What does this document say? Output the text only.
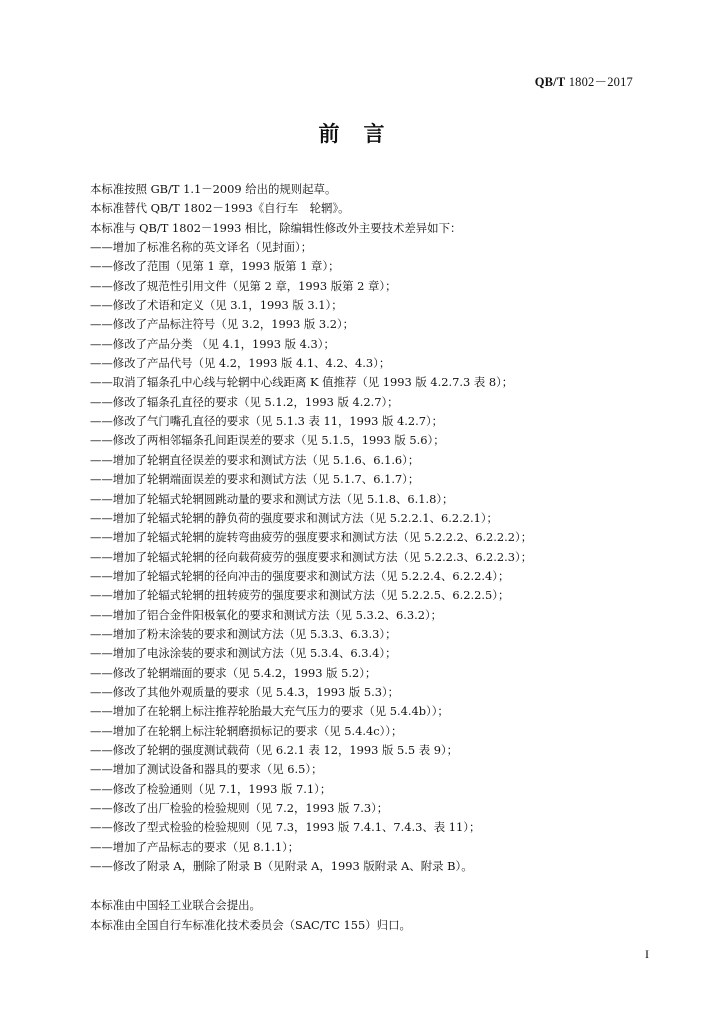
QB/T 1802－2017
前言
本标准按照 GB/T 1.1－2009 给出的规则起草。
本标准替代 QB/T 1802－1993《自行车　轮辋》。
本标准与 QB/T 1802－1993 相比，除编辑性修改外主要技术差异如下：
——增加了标准名称的英文译名（见封面）；
——修改了范围（见第 1 章，1993 版第 1 章）；
——修改了规范性引用文件（见第 2 章，1993 版第 2 章）；
——修改了术语和定义（见 3.1，1993 版 3.1）；
——修改了产品标注符号（见 3.2，1993 版 3.2）；
——修改了产品分类 （见 4.1，1993 版 4.3）；
——修改了产品代号（见 4.2，1993 版 4.1、4.2、4.3）；
——取消了辐条孔中心线与轮辋中心线距离 K 值推荐（见 1993 版 4.2.7.3 表 8）；
——修改了辐条孔直径的要求（见 5.1.2，1993 版 4.2.7）；
——修改了气门嘴孔直径的要求（见 5.1.3 表 11，1993 版 4.2.7）；
——修改了两相邻辐条孔间距误差的要求（见 5.1.5，1993 版 5.6）；
——增加了轮辋直径误差的要求和测试方法（见 5.1.6、6.1.6）；
——增加了轮辋端面误差的要求和测试方法（见 5.1.7、6.1.7）；
——增加了轮辐式轮辋圆跳动量的要求和测试方法（见 5.1.8、6.1.8）；
——增加了轮辐式轮辋的静负荷的强度要求和测试方法（见 5.2.2.1、6.2.2.1）；
——增加了轮辐式轮辋的旋转弯曲疲劳的强度要求和测试方法（见 5.2.2.2、6.2.2.2）；
——增加了轮辐式轮辋的径向载荷疲劳的强度要求和测试方法（见 5.2.2.3、6.2.2.3）；
——增加了轮辐式轮辋的径向冲击的强度要求和测试方法（见 5.2.2.4、6.2.2.4）；
——增加了轮辐式轮辋的扭转疲劳的强度要求和测试方法（见 5.2.2.5、6.2.2.5）；
——增加了铝合金件阳极氧化的要求和测试方法（见 5.3.2、6.3.2）；
——增加了粉末涂装的要求和测试方法（见 5.3.3、6.3.3）；
——增加了电泳涂装的要求和测试方法（见 5.3.4、6.3.4）；
——修改了轮辋端面的要求（见 5.4.2，1993 版 5.2）；
——修改了其他外观质量的要求（见 5.4.3，1993 版 5.3）；
——增加了在轮辋上标注推荐轮胎最大充气压力的要求（见 5.4.4b））；
——增加了在轮辋上标注轮辋磨损标记的要求（见 5.4.4c））；
——修改了轮辋的强度测试载荷（见 6.2.1 表 12，1993 版 5.5 表 9）；
——增加了测试设备和器具的要求（见 6.5）；
——修改了检验通则（见 7.1，1993 版 7.1）；
——修改了出厂检验的检验规则（见 7.2，1993 版 7.3）；
——修改了型式检验的检验规则（见 7.3，1993 版 7.4.1、7.4.3、表 11）；
——增加了产品标志的要求（见 8.1.1）；
——修改了附录 A，删除了附录 B（见附录 A，1993 版附录 A、附录 B）。
本标准由中国轻工业联合会提出。
本标准由全国自行车标准化技术委员会（SAC/TC 155）归口。
I
